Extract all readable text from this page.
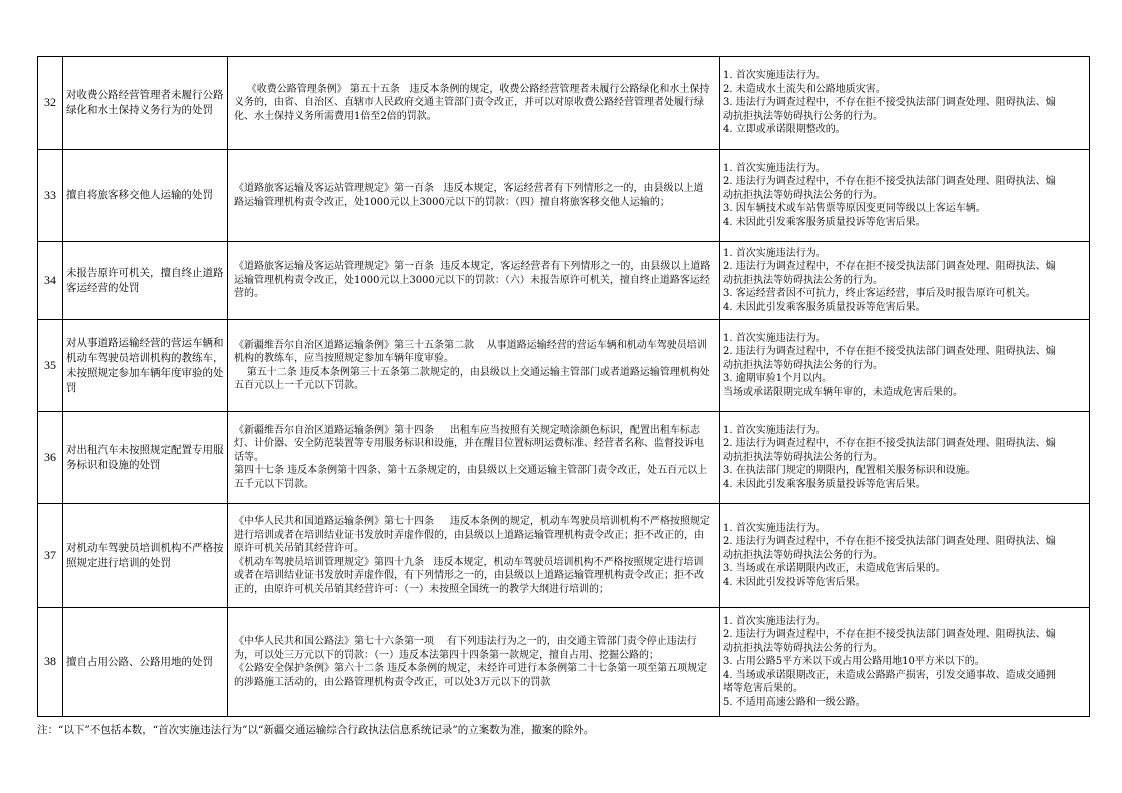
32
对收费公路经营管理者未履行公路绿化和水土保持义务行为的处罚
《收费公路管理条例》 第五十五条   违反本条例的规定，收费公路经营管理者未履行公路绿化和水土保持义务的，由省、自治区、直辖市人民政府交通主管部门责令改正，并可以对原收费公路经营管理者处履行绿化、水土保持义务所需费用1倍至2倍的罚款。
1. 首次实施违法行为。
2. 未造成水土流失和公路地质灾害。
3. 违法行为调查过程中，不存在拒不接受执法部门调查处理、阻碍执法、煽
动抗拒执法等妨碍执行公务的行为。
4. 立即或承诺限期整改的。
33 擅自将旅客移交他人运输的处罚
《道路旅客运输及客运站管理规定》第一百条   违反本规定，客运经营者有下列情形之一的，由县级以上道路运输管理机构责令改正，处1000元以上3000元以下的罚款：（四）擅自将旅客移交他人运输的；
1. 首次实施违法行为。
2. 违法行为调查过程中，不存在拒不接受执法部门调查处理、阻碍执法、煽
动抗拒执法等妨碍执法公务的行为。
3. 因车辆技术或车站售票等原因变更同等级以上客运车辆。
4. 未因此引发乘客服务质量投诉等危害后果。
34
未报告原许可机关，擅自终止道路客运经营的处罚
《道路旅客运输及客运站管理规定》第一百条  违反本规定，客运经营者有下列情形之一的，由县级以上道路运输管理机构责令改正，处1000元以上3000元以下的罚款：（六）未报告原许可机关，擅自终止道路客运经营的。
1. 首次实施违法行为。
2. 违法行为调查过程中，不存在拒不接受执法部门调查处理、阻碍执法、煽
动抗拒执法等妨碍执法公务的行为。
3. 客运经营者因不可抗力，终止客运经营，事后及时报告原许可机关。
4. 未因此引发乘客服务质量投诉等危害后果。
35
对从事道路运输经营的营运车辆和机动车驾驶员培训机构的教练车，未按照规定参加车辆年度审验的处罚
《新疆维吾尔自治区道路运输条例》第三十五条第二款    从事道路运输经营的营运车辆和机动车驾驶员培训机构的教练车，应当按照规定参加车辆年度审验。
第五十二条 违反本条例第三十五条第二款规定的，由县级以上交通运输主管部门或者道路运输管理机构处五百元以上一千元以下罚款。
1. 首次实施违法行为。
2. 违法行为调查过程中，不存在拒不接受执法部门调查处理、阻碍执法、煽
动抗拒执法等妨碍执法公务的行为。
3. 逾期审验1个月以内。
当场或承诺限期完成车辆年审的，未造成危害后果的。
36
对出租汽车未按照规定配置专用服务标识和设施的处罚
《新疆维吾尔自治区道路运输条例》第十四条     出租车应当按照有关规定喷涂颜色标识，配置出租车标志灯、计价器、安全防范装置等专用服务标识和设施，并在醒目位置标明运费标准、经营者名称、监督投诉电话等。
第四十七条 违反本条例第十四条、第十五条规定的，由县级以上交通运输主管部门责令改正，处五百元以上五千元以下罚款。
1. 首次实施违法行为。
2. 违法行为调查过程中，不存在拒不接受执法部门调查处理、阻碍执法、煽
动抗拒执法等妨碍执法公务的行为。
3. 在执法部门规定的期限内，配置相关服务标识和设施。
4. 未因此引发乘客服务质量投诉等危害后果。
37
对机动车驾驶员培训机构不严格按照规定进行培训的处罚
《中华人民共和国道路运输条例》第七十四条     违反本条例的规定，机动车驾驶员培训机构不严格按照规定进行培训或者在培训结业证书发放时弄虚作假的，由县级以上道路运输管理机构责令改正；拒不改正的，由原许可机关吊销其经营许可。
《机动车驾驶员培训管理规定》第四十九条   违反本规定，机动车驾驶员培训机构不严格按照规定进行培训或者在培训结业证书发放时弄虚作假，有下列情形之一的，由县级以上道路运输管理机构责令改正；拒不改正的，由原许可机关吊销其经营许可：（一）未按照全国统一的教学大纲进行培训的；
1. 首次实施违法行为。
2. 违法行为调查过程中，不存在拒不接受执法部门调查处理、阻碍执法、煽
动抗拒执法等妨碍执法公务的行为。
3. 当场或在承诺期限内改正，未造成危害后果的。
4. 未因此引发投诉等危害后果。
38 擅自占用公路、公路用地的处罚
《中华人民共和国公路法》第七十六条第一项    有下列违法行为之一的，由交通主管部门责令停止违法行为，可以处三万元以下的罚款：（一）违反本法第四十四条第一款规定，擅自占用、挖掘公路的；
《公路安全保护条例》第六十二条 违反本条例的规定，未经许可进行本条例第二十七条第一项至第五项规定的涉路施工活动的，由公路管理机构责令改正，可以处3万元以下的罚款
1. 首次实施违法行为。
2. 违法行为调查过程中，不存在拒不接受执法部门调查处理、阻碍执法、煽
动抗拒执法等妨碍执法公务的行为。
3. 占用公路5平方米以下或占用公路用地10平方米以下的。
4. 当场或承诺限期改正，未造成公路路产损害，引发交通事故、造成交通拥
堵等危害后果的。
5. 不适用高速公路和一级公路。
注：“以下”不包括本数，“首次实施违法行为”以“新疆交通运输综合行政执法信息系统记录”的立案数为准，撤案的除外。
